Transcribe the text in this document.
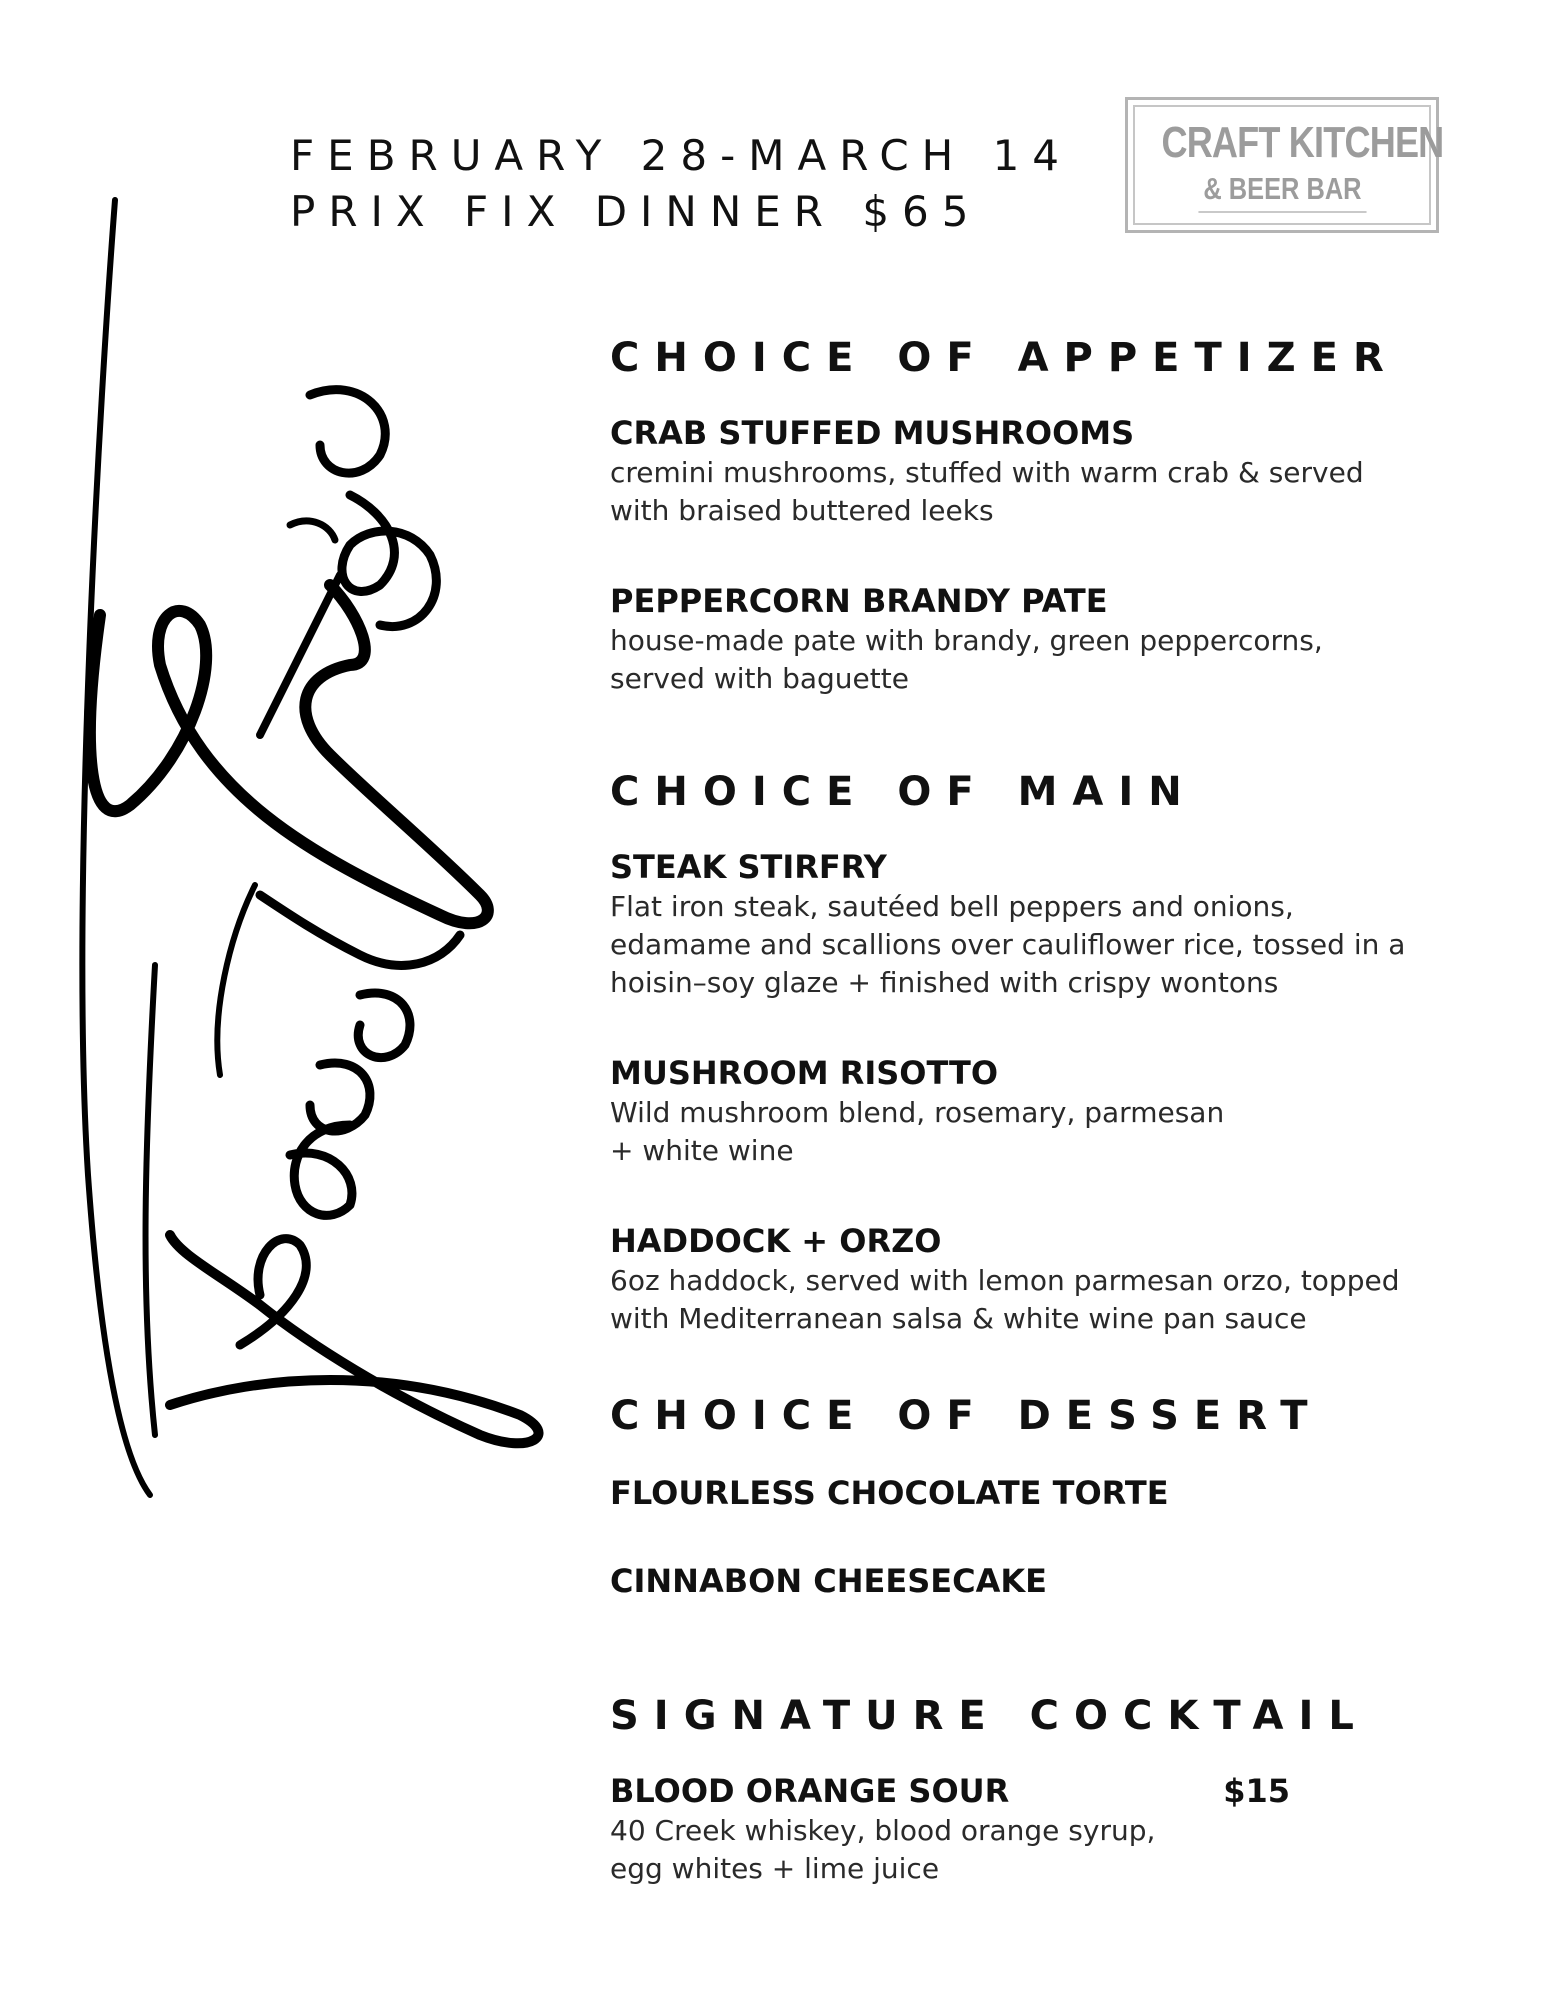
FEBRUARY 28-MARCH 14
PRIX FIX DINNER $65
CRAFT KITCHEN
& BEER BAR
CHOICE OF APPETIZER
CRAB STUFFED MUSHROOMS
cremini mushrooms, stuffed with warm crab & served
with braised buttered leeks
PEPPERCORN BRANDY PATE
house-made pate with brandy, green peppercorns,
served with baguette
CHOICE OF MAIN
STEAK STIRFRY
Flat iron steak, sautéed bell peppers and onions,
edamame and scallions over cauliflower rice, tossed in a
hoisin–soy glaze + finished with crispy wontons
MUSHROOM RISOTTO
Wild mushroom blend, rosemary, parmesan
+ white wine
HADDOCK + ORZO
6oz haddock, served with lemon parmesan orzo, topped
with Mediterranean salsa & white wine pan sauce
CHOICE OF DESSERT
FLOURLESS CHOCOLATE TORTE
CINNABON CHEESECAKE
SIGNATURE COCKTAIL
BLOOD ORANGE SOUR	$15
40 Creek whiskey, blood orange syrup,
egg whites + lime juice
